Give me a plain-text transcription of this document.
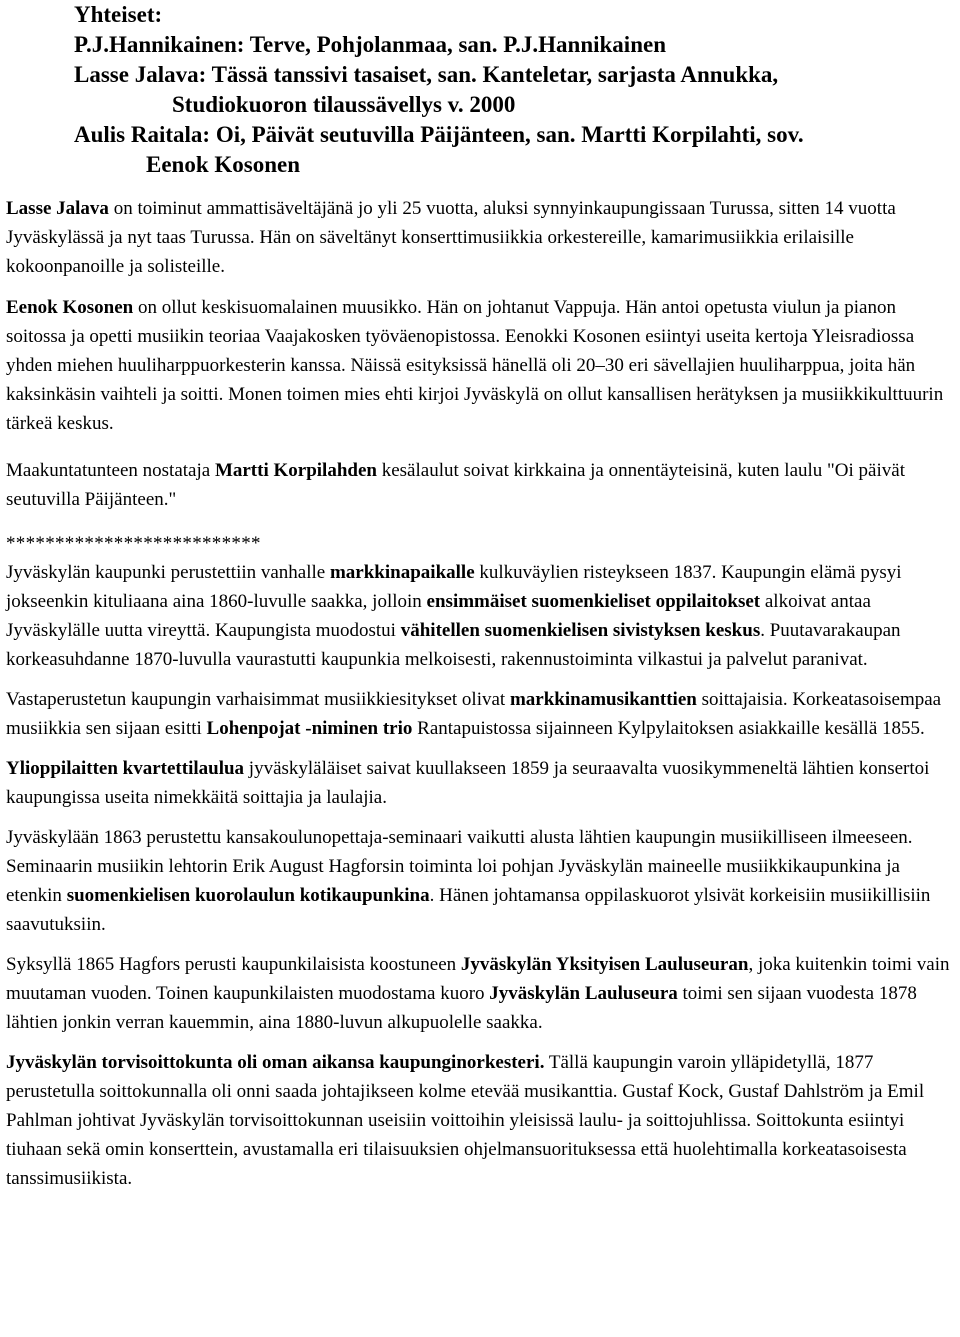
Yhteiset:
P.J.Hannikainen: Terve, Pohjolanmaa, san. P.J.Hannikainen
Lasse Jalava: Tässä tanssivi tasaiset, san. Kanteletar, sarjasta Annukka,
Studiokuoron tilaussävellys v. 2000
Aulis Raitala: Oi, Päivät seutuvilla Päijänteen, san. Martti Korpilahti, sov.
Eenok Kosonen

Lasse Jalava on toiminut ammattisäveltäjänä jo yli 25 vuotta, aluksi synnyinkaupungissaan Turussa, sitten 14 vuotta Jyväskylässä ja nyt taas Turussa. Hän on säveltänyt konserttimusiikkia orkestereille, kamarimusiikkia erilaisille kokoonpanoille ja solisteille.

Eenok Kosonen on ollut keskisuomalainen muusikko. Hän on johtanut Vappuja. Hän antoi opetusta viulun ja pianon soitossa ja opetti musiikin teoriaa Vaajakosken työväenopistossa. Eenokki Kosonen esiintyi useita kertoja Yleisradiossa yhden miehen huuliharppuorkesterin kanssa. Näissä esityksissä hänellä oli 20–30 eri sävellajien huuliharppua, joita hän kaksinkäsin vaihteli ja soitti. Monen toimen mies ehti kirjoi Jyväskylä on ollut kansallisen herätyksen ja musiikkikulttuurin tärkeä keskus.

Maakuntatunteen nostataja Martti Korpilahden kesälaulut soivat kirkkaina ja onnentäyteisinä, kuten laulu "Oi päivät seutuvilla Päijänteen."

**************************

Jyväskylän kaupunki perustettiin vanhalle markkinapaikalle kulkuväylien risteykseen 1837. Kaupungin elämä pysyi jokseenkin kituliaana aina 1860-luvulle saakka, jolloin ensimmäiset suomenkieliset oppilaitokset alkoivat antaa Jyväskylälle uutta vireyttä. Kaupungista muodostui vähitellen suomenkielisen sivistyksen keskus. Puutavarakaupan korkeasuhdanne 1870-luvulla vaurastutti kaupunkia melkoisesti, rakennustoiminta vilkastui ja palvelut paranivat.

Vastaperustetun kaupungin varhaisimmat musiikkiesitykset olivat markkinamusikanttien soittajaisia. Korkeatasoisempaa musiikkia sen sijaan esitti Lohenpojat -niminen trio Rantapuistossa sijainneen Kylpylaitoksen asiakkaille kesällä 1855.

Ylioppilaitten kvartettilaulua jyväskyläläiset saivat kuullakseen 1859 ja seuraavalta vuosikymmeneltä lähtien konsertoi kaupungissa useita nimekkäitä soittajia ja laulajia.

Jyväskylään 1863 perustettu kansakoulunopettaja-seminaari vaikutti alusta lähtien kaupungin musiikilliseen ilmeeseen. Seminaarin musiikin lehtorin Erik August Hagforsin toiminta loi pohjan Jyväskylän maineelle musiikkikaupunkina ja etenkin suomenkielisen kuorolaulun kotikaupunkina. Hänen johtamansa oppilaskuorot ylsivät korkeisiin musiikillisiin saavutuksiin.

Syksyllä 1865 Hagfors perusti kaupunkilaisista koostuneen Jyväskylän Yksityisen Lauluseuran, joka kuitenkin toimi vain muutaman vuoden. Toinen kaupunkilaisten muodostama kuoro Jyväskylän Lauluseura toimi sen sijaan vuodesta 1878 lähtien jonkin verran kauemmin, aina 1880-luvun alkupuolelle saakka.

Jyväskylän torvisoittokunta oli oman aikansa kaupunginorkesteri. Tällä kaupungin varoin ylläpidetyllä, 1877 perustetulla soittokunnalla oli onni saada johtajikseen kolme etevää musikanttia. Gustaf Kock, Gustaf Dahlström ja Emil Pahlman johtivat Jyväskylän torvisoittokunnan useisiin voittoihin yleisissä laulu- ja soittojuhlissa. Soittokunta esiintyi tiuhaan sekä omin konserttein, avustamalla eri tilaisuuksien ohjelmansuorituksessa että huolehtimalla korkeatasoisesta tanssimusiikista.
